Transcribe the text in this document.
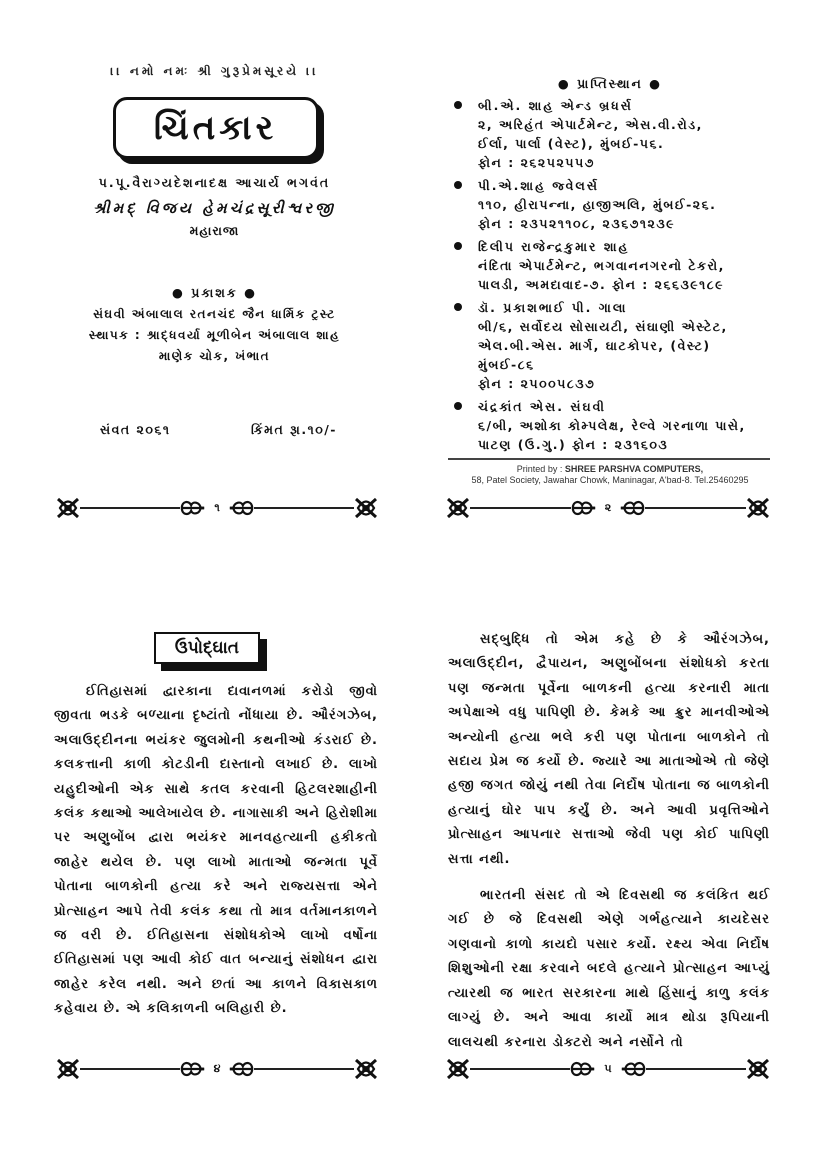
।। નમો નમઃ શ્રી ગુરૂપ્રેમસૂરયે ।।
ચિંતકાર
પ.પૂ.વૈરાગ્યદેશનાદક્ષ આચાર્ય ભગવંત
શ્રીમદ્ વિજય હેમચંદ્રસૂરીશ્વરજી
મહારાજા
● પ્રકાશક ●
સંઘવી અંબાલાલ રતનચંદ જૈન ધાર્મિક ટ્રસ્ટ
સ્થાપક : શ્રાદ્ધવર્યા મૂળીબેન અંબાલાલ શાહ
માણેક ચોક, ખંભાત
સંવત ૨૦૬૧	કિંમત રૂા.૧૦/-
૧
● પ્રાપ્તિસ્થાન ●
બી.એ. શાહ એન્ડ બ્રધર્સ
૨, અરિહંત એપાર્ટમેન્ટ, એસ.વી.રોડ,
ઈર્લા, પાર્લા (વેસ્ટ), મુંબઈ-૫૬.
ફોન : ૨૬૨૫૨૫૫૭
પી.એ.શાહ જ્વેલર્સ
૧૧૦, હીરાપન્ના, હાજીઅલિ, મુંબઈ-૨૬.
ફોન : ૨૩૫૨૧૧૦૮, ૨૩૬૭૧૨૩૯
દિલીપ રાજેન્દ્રકુમાર શાહ
નંદિતા એપાર્ટમેન્ટ, ભગવાનનગરનો ટેકરો,
પાલડી, અમદાવાદ-૭. ફોન : ૨૬૬૩૯૧૮૯
ડૉ. પ્રકાશભાઈ પી. ગાલા
બી/૬, સર્વોદય સોસાયટી, સંઘાણી એસ્ટેટ,
એલ.બી.એસ. માર્ગ, ઘાટકોપર, (વેસ્ટ) મુંબઈ-૮૬
ફોન : ૨૫૦૦૫૮૩૭
ચંદ્રકાંત એસ. સંઘવી
૬/બી, અશોકા કોમ્પલેક્ષ, રેલ્વે ગરનાળા પાસે,
પાટણ (ઉ.ગુ.) ફોન : ૨૩૧૬૦૩
Printed by : SHREE PARSHVA COMPUTERS,
58, Patel Society, Jawahar Chowk, Maninagar, A'bad-8. Tel.25460295
૨
ઉપોદ્ઘાત

ઈતિહાસમાં દ્વારકાના દાવાનળમાં કરોડો જીવો જીવતા ભડકે બળ્યાના દૃષ્ટાંતો નોંધાયા છે. ઔરંગઝેબ, અલાઉદ્દીનના ભયંકર જુલમોની કથનીઓ કંડરાઈ છે. કલકત્તાની કાળી કોટડીની દાસ્તાનો લખાઈ છે. લાખો યહુદીઓની એક સાથે કતલ કરવાની હિટલરશાહીની કલંક કથાઓ આલેખાયેલ છે. નાગાસાકી અને હિરોશીમા પર અણુબોંબ દ્વારા ભયંકર માનવહત્યાની હકીકતો જાહેર થયેલ છે. પણ લાખો માતાઓ જન્મતા પૂર્વે પોતાના બાળકોની હત્યા કરે અને રાજ્યસત્તા એને પ્રોત્સાહન આપે તેવી કલંક કથા તો માત્ર વર્તમાનકાળને જ વરી છે. ઈતિહાસના સંશોધકોએ લાખો વર્ષોના ઈતિહાસમાં પણ આવી કોઈ વાત બન્યાનું સંશોધન દ્વારા જાહેર કરેલ નથી. અને છતાં આ કાળને વિકાસકાળ કહેવાય છે. એ કલિકાળની બલિહારી છે.

૪

સદ્બુદ્ધિ તો એમ કહે છે કે ઔરંગઝેબ, અલાઉદ્દીન, દ્વૈપાયન, અણુબોંબના સંશોધકો કરતા પણ જન્મતા પૂર્વેના બાળકની હત્યા કરનારી માતા અપેક્ષાએ વધુ પાપિણી છે. કેમકે આ ક્રુર માનવીઓએ અન્યોની હત્યા ભલે કરી પણ પોતાના બાળકોને તો સદાય પ્રેમ જ કર્યો છે. જ્યારે આ માતાઓએ તો જેણે હજી જગત જોયું નથી તેવા નિર્દોષ પોતાના જ બાળકોની હત્યાનું ઘોર પાપ કર્યું છે. અને આવી પ્રવૃત્તિઓને પ્રોત્સાહન આપનાર સત્તાઓ જેવી પણ કોઈ પાપિણી સત્તા નથી.

ભારતની સંસદ તો એ દિવસથી જ કલંકિત થઈ ગઈ છે જે દિવસથી એણે ગર્ભહત્યાને કાયદેસર ગણવાનો કાળો કાયદો પસાર કર્યો. રક્ષ્ય એવા નિર્દોષ શિશુઓની રક્ષા કરવાને બદલે હત્યાને પ્રોત્સાહન આપ્યું ત્યારથી જ ભારત સરકારના માથે હિંસાનું કાળુ કલંક લાગ્યું છે. અને આવા કાર્યો માત્ર થોડા રૂપિયાની લાલચથી કરનારા ડોક્ટરો અને નર્સોને તો

૫
